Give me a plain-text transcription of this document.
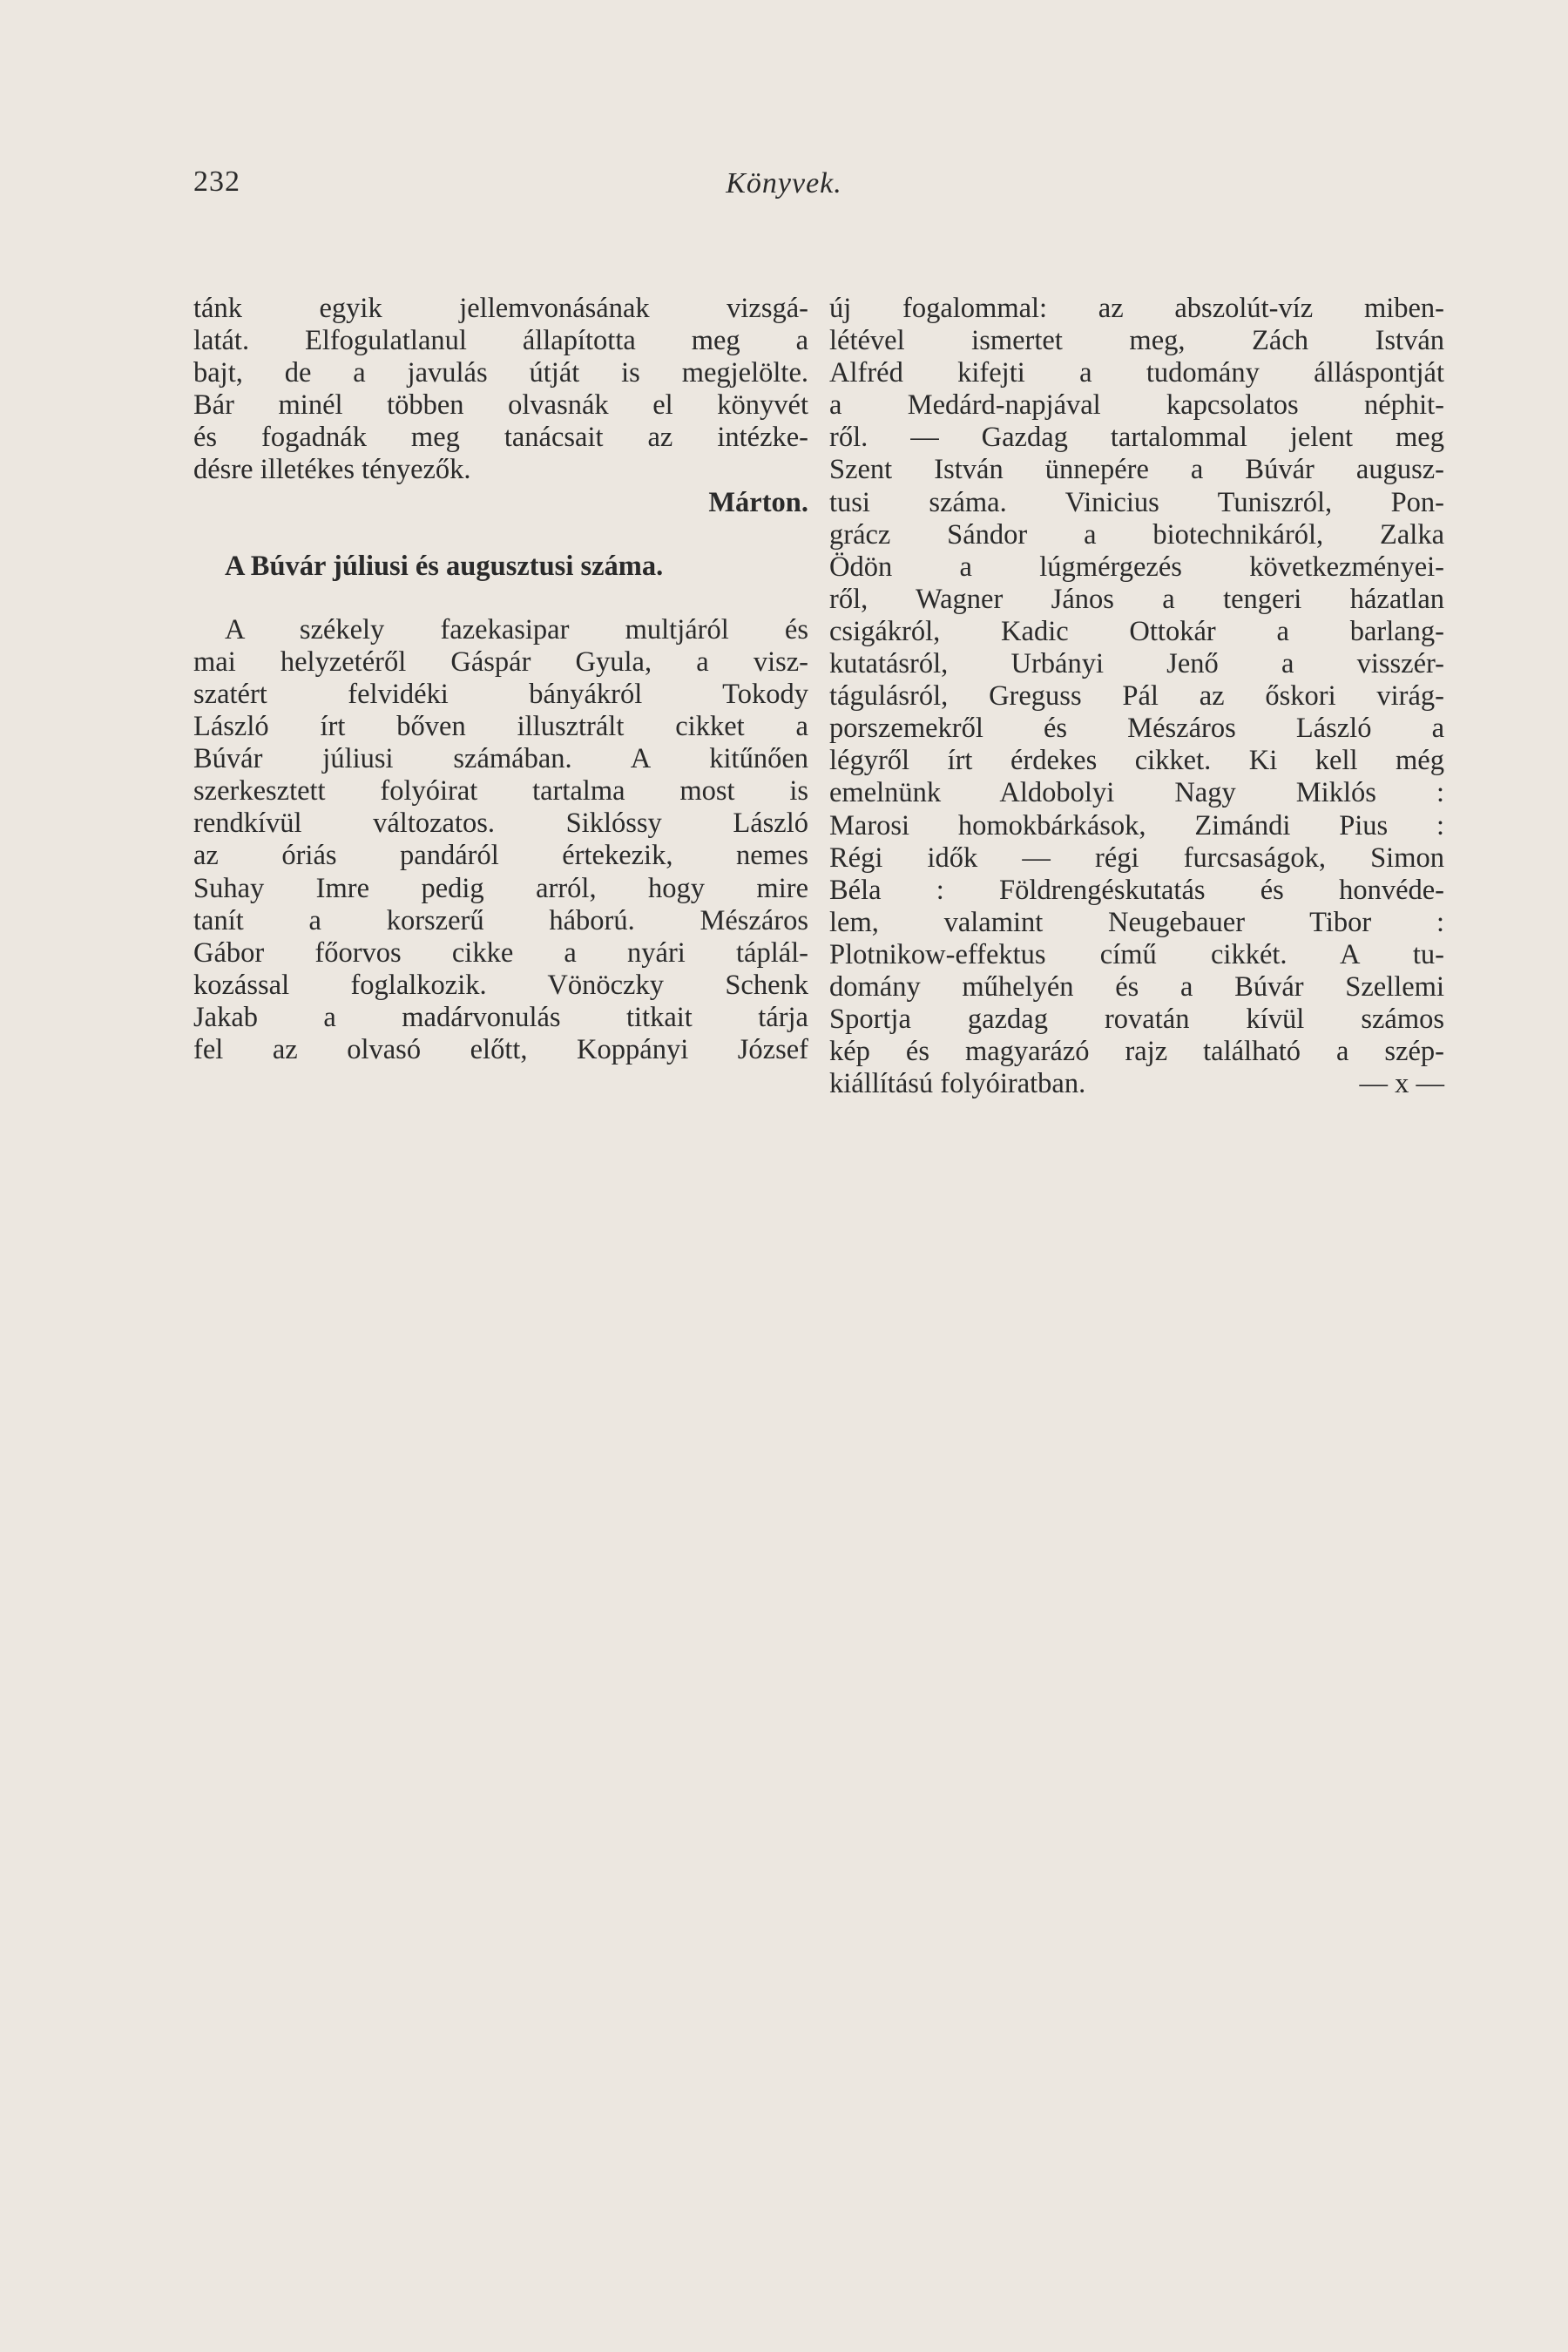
232	Könyvek.
tánk egyik jellemvonásának vizsgá-
latát. Elfogulatlanul állapította meg a
bajt, de a javulás útját is megjelölte.
Bár minél többen olvasnák el könyvét
és fogadnák meg tanácsait az intézke-
désre illetékes tényezők.
Márton.
A Búvár júliusi és augusztusi száma.
A székely fazekasipar multjáról és
mai helyzetéről Gáspár Gyula, a visz-
szatért felvidéki bányákról Tokody
László írt bőven illusztrált cikket a
Búvár júliusi számában. A kitűnően
szerkesztett folyóirat tartalma most is
rendkívül változatos. Siklóssy László
az óriás pandáról értekezik, nemes
Suhay Imre pedig arról, hogy mire
tanít a korszerű háború. Mészáros
Gábor főorvos cikke a nyári táplál-
kozással foglalkozik. Vönöczky Schenk
Jakab a madárvonulás titkait tárja
fel az olvasó előtt, Koppányi József
új fogalommal: az abszolút-víz miben-
létével ismertet meg, Zách István
Alfréd kifejti a tudomány álláspontját
a Medárd-napjával kapcsolatos néphit-
ről. — Gazdag tartalommal jelent meg
Szent István ünnepére a Búvár augusz-
tusi száma. Vinicius Tuniszról, Pon-
grácz Sándor a biotechnikáról, Zalka
Ödön a lúgmérgezés következményei-
ről, Wagner János a tengeri házatlan
csigákról, Kadic Ottokár a barlang-
kutatásról, Urbányi Jenő a visszér-
tágulásról, Greguss Pál az őskori virág-
porszemekről és Mészáros László a
légyről írt érdekes cikket. Ki kell még
emelnünk Aldobolyi Nagy Miklós :
Marosi homokbárkások, Zimándi Pius :
Régi idők — régi furcsaságok, Simon
Béla : Földrengéskutatás és honvéde-
lem, valamint Neugebauer Tibor :
Plotnikow-effektus című cikkét. A tu-
domány műhelyén és a Búvár Szellemi
Sportja gazdag rovatán kívül számos
kép és magyarázó rajz található a szép-
kiállítású folyóiratban.	— x —
